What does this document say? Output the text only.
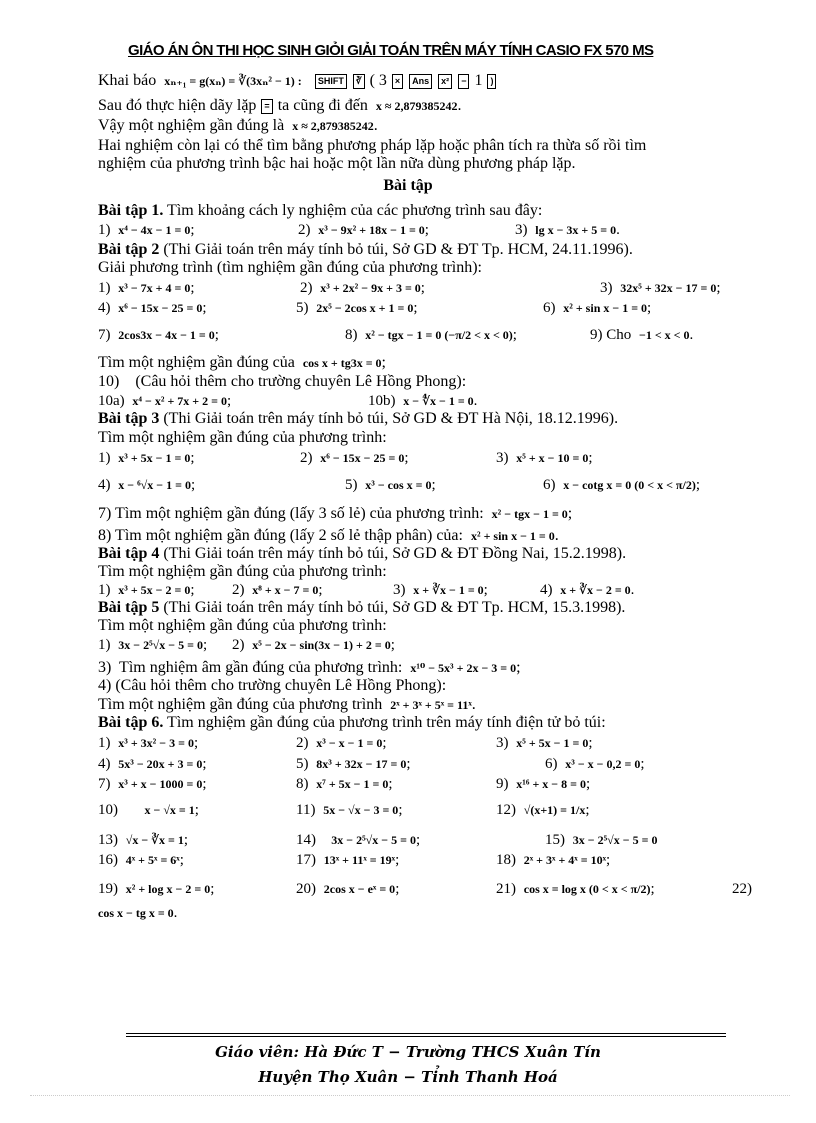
GIÁO ÁN ÔN THI HỌC SINH GIỎI GIẢI TOÁN TRÊN MÁY TÍNH CASIO FX 570 MS
Khai báo xₙ₊₁ = g(xₙ) = ∛(3xₙ² − 1) : SHIFT ∛ ( 3 × Ans x² − 1 )
Sau đó thực hiện dãy lặp = ta cũng đi đến x ≈ 2,879385242.
Vậy một nghiệm gần đúng là x ≈ 2,879385242.
Hai nghiệm còn lại có thể tìm bằng phương pháp lặp hoặc phân tích ra thừa số rồi tìm
nghiệm của phương trình bậc hai hoặc một lần nữa dùng phương pháp lặp.
Bài tập
Bài tập 1. Tìm khoảng cách ly nghiệm của các phương trình sau đây:
1) x⁴ − 4x − 1 = 0;	2) x³ − 9x² + 18x − 1 = 0;	3) lg x − 3x + 5 = 0.
Bài tập 2 (Thi Giải toán trên máy tính bỏ túi, Sở GD & ĐT Tp. HCM, 24.11.1996).
Giải phương trình (tìm nghiệm gần đúng của phương trình):
1) x³ − 7x + 4 = 0;	2) x³ + 2x² − 9x + 3 = 0;	3) 32x⁵ + 32x − 17 = 0;
4) x⁶ − 15x − 25 = 0;	5) 2x⁵ − 2cos x + 1 = 0;	6) x² + sin x − 1 = 0;
7) 2cos3x − 4x − 1 = 0;	8) x² − tgx − 1 = 0 (−π/2 < x < 0);	9) Cho −1 < x < 0.
Tìm một nghiệm gần đúng của cos x + tg3x = 0;
10)    (Câu hỏi thêm cho trường chuyên Lê Hồng Phong):
10a) x⁴ − x² + 7x + 2 = 0;	10b) x − ∜x − 1 = 0.
Bài tập 3 (Thi Giải toán trên máy tính bỏ túi, Sở GD & ĐT Hà Nội, 18.12.1996).
Tìm một nghiệm gần đúng của phương trình:
1) x³ + 5x − 1 = 0;	2) x⁶ − 15x − 25 = 0;	3) x⁵ + x − 10 = 0;
4) x − ⁶√x − 1 = 0;	5) x³ − cos x = 0;	6) x − cotg x = 0 (0 < x < π/2);
7) Tìm một nghiệm gần đúng (lấy 3 số lẻ) của phương trình: x² − tgx − 1 = 0;
8) Tìm một nghiệm gần đúng (lấy 2 số lẻ thập phân) của: x² + sin x − 1 = 0.
Bài tập 4 (Thi Giải toán trên máy tính bỏ túi, Sở GD & ĐT Đồng Nai, 15.2.1998).
Tìm một nghiệm gần đúng của phương trình:
1) x³ + 5x − 2 = 0; 2) x⁸ + x − 7 = 0;	3) x + ∛x − 1 = 0;	4) x + ∛x − 2 = 0.
Bài tập 5 (Thi Giải toán trên máy tính bỏ túi, Sở GD & ĐT Tp. HCM, 15.3.1998).
Tìm một nghiệm gần đúng của phương trình:
1) 3x − 2⁵√x − 5 = 0; 2) x⁵ − 2x − sin(3x − 1) + 2 = 0;
3)  Tìm nghiệm âm gần đúng của phương trình: x¹⁰ − 5x³ + 2x − 3 = 0;
4) (Câu hỏi thêm cho trường chuyên Lê Hồng Phong):
Tìm một nghiệm gần đúng của phương trình 2ˣ + 3ˣ + 5ˣ = 11ˣ.
Bài tập 6. Tìm nghiệm gần đúng của phương trình trên máy tính điện tử bỏ túi:
1) x³ + 3x² − 3 = 0;	2) x³ − x − 1 = 0;	3) x⁵ + 5x − 1 = 0;
4) 5x³ − 20x + 3 = 0;	5) 8x³ + 32x − 17 = 0;	6) x³ − x − 0,2 = 0;
7) x³ + x − 1000 = 0;	8) x⁷ + 5x − 1 = 0;	9) x¹⁶ + x − 8 = 0;
10)      x − √x = 1;	11) 5x − √x − 3 = 0;	12) √(x+1) = 1/x;
13) √x − ∛x = 1;	14)   3x − 2⁵√x − 5 = 0;	15) 3x − 2⁵√x − 5 = 0
16) 4ˣ + 5ˣ = 6ˣ;	17) 13ˣ + 11ˣ = 19ˣ;	18) 2ˣ + 3ˣ + 4ˣ = 10ˣ;
19) x² + log x − 2 = 0;	20) 2cos x − eˣ = 0;	21) cos x = log x (0 < x < π/2);	22)
cos x − tg x = 0.
Giáo viên: Hà Đức T − Trường THCS Xuân Tín
Huyện Thọ Xuân − Tỉnh Thanh Hoá
